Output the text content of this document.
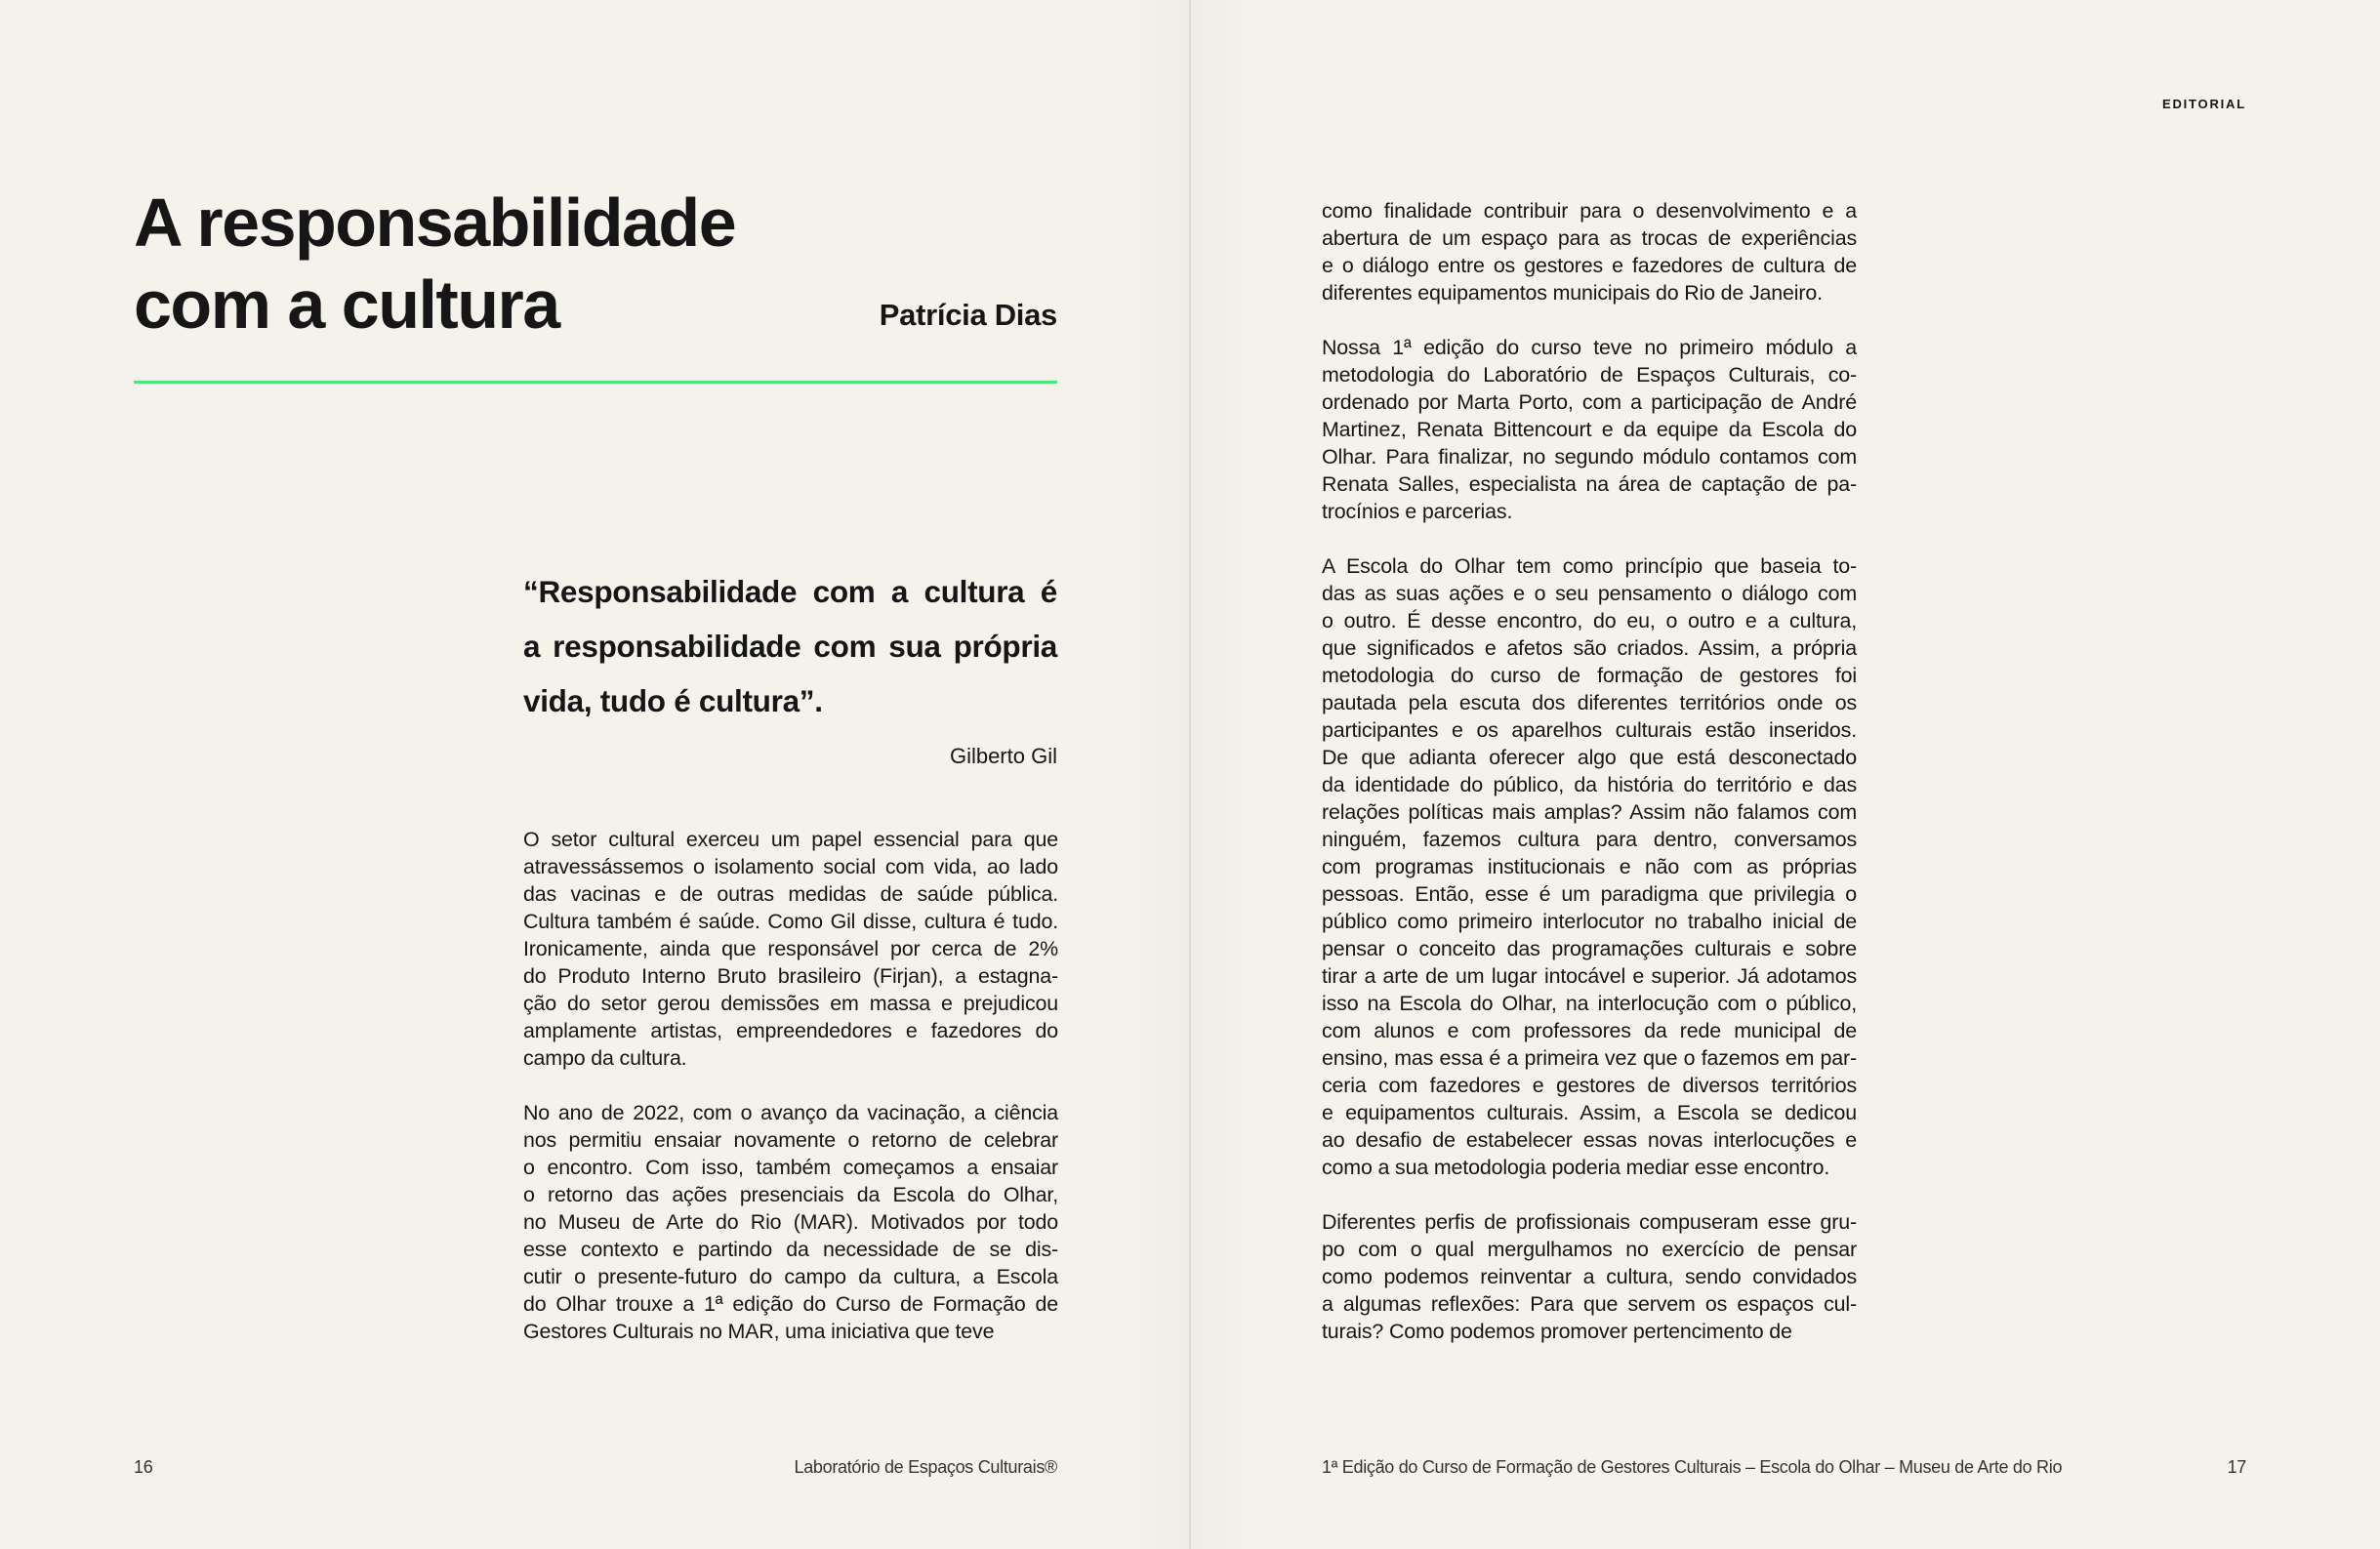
A responsabilidade
com a cultura	Patrícia Dias
“Responsabilidade com a cultura é
a responsabilidade com sua própria
vida, tudo é cultura”.
Gilberto Gil
O setor cultural exerceu um papel essencial para que
atravessássemos o isolamento social com vida, ao lado
das vacinas e de outras medidas de saúde pública.
Cultura também é saúde. Como Gil disse, cultura é tudo.
Ironicamente, ainda que responsável por cerca de 2%
do Produto Interno Bruto brasileiro (Firjan), a estagna-
ção do setor gerou demissões em massa e prejudicou
amplamente artistas, empreendedores e fazedores do
campo da cultura.
No ano de 2022, com o avanço da vacinação, a ciência
nos permitiu ensaiar novamente o retorno de celebrar
o encontro. Com isso, também começamos a ensaiar
o retorno das ações presenciais da Escola do Olhar,
no Museu de Arte do Rio (MAR). Motivados por todo
esse contexto e partindo da necessidade de se dis-
cutir o presente-futuro do campo da cultura, a Escola
do Olhar trouxe a 1ª edição do Curso de Formação de
Gestores Culturais no MAR, uma iniciativa que teve
como finalidade contribuir para o desenvolvimento e a
abertura de um espaço para as trocas de experiências
e o diálogo entre os gestores e fazedores de cultura de
diferentes equipamentos municipais do Rio de Janeiro.
Nossa 1ª edição do curso teve no primeiro módulo a
metodologia do Laboratório de Espaços Culturais, co-
ordenado por Marta Porto, com a participação de André
Martinez, Renata Bittencourt e da equipe da Escola do
Olhar. Para finalizar, no segundo módulo contamos com
Renata Salles, especialista na área de captação de pa-
trocínios e parcerias.
A Escola do Olhar tem como princípio que baseia to-
das as suas ações e o seu pensamento o diálogo com
o outro. É desse encontro, do eu, o outro e a cultura,
que significados e afetos são criados. Assim, a própria
metodologia do curso de formação de gestores foi
pautada pela escuta dos diferentes territórios onde os
participantes e os aparelhos culturais estão inseridos.
De que adianta oferecer algo que está desconectado
da identidade do público, da história do território e das
relações políticas mais amplas? Assim não falamos com
ninguém, fazemos cultura para dentro, conversamos
com programas institucionais e não com as próprias
pessoas. Então, esse é um paradigma que privilegia o
público como primeiro interlocutor no trabalho inicial de
pensar o conceito das programações culturais e sobre
tirar a arte de um lugar intocável e superior. Já adotamos
isso na Escola do Olhar, na interlocução com o público,
com alunos e com professores da rede municipal de
ensino, mas essa é a primeira vez que o fazemos em par-
ceria com fazedores e gestores de diversos territórios
e equipamentos culturais. Assim, a Escola se dedicou
ao desafio de estabelecer essas novas interlocuções e
como a sua metodologia poderia mediar esse encontro.
Diferentes perfis de profissionais compuseram esse gru-
po com o qual mergulhamos no exercício de pensar
como podemos reinventar a cultura, sendo convidados
a algumas reflexões: Para que servem os espaços cul-
turais? Como podemos promover pertencimento de
EDITORIAL
16	Laboratório de Espaços Culturais®	1ª Edição do Curso de Formação de Gestores Culturais – Escola do Olhar – Museu de Arte do Rio	17
